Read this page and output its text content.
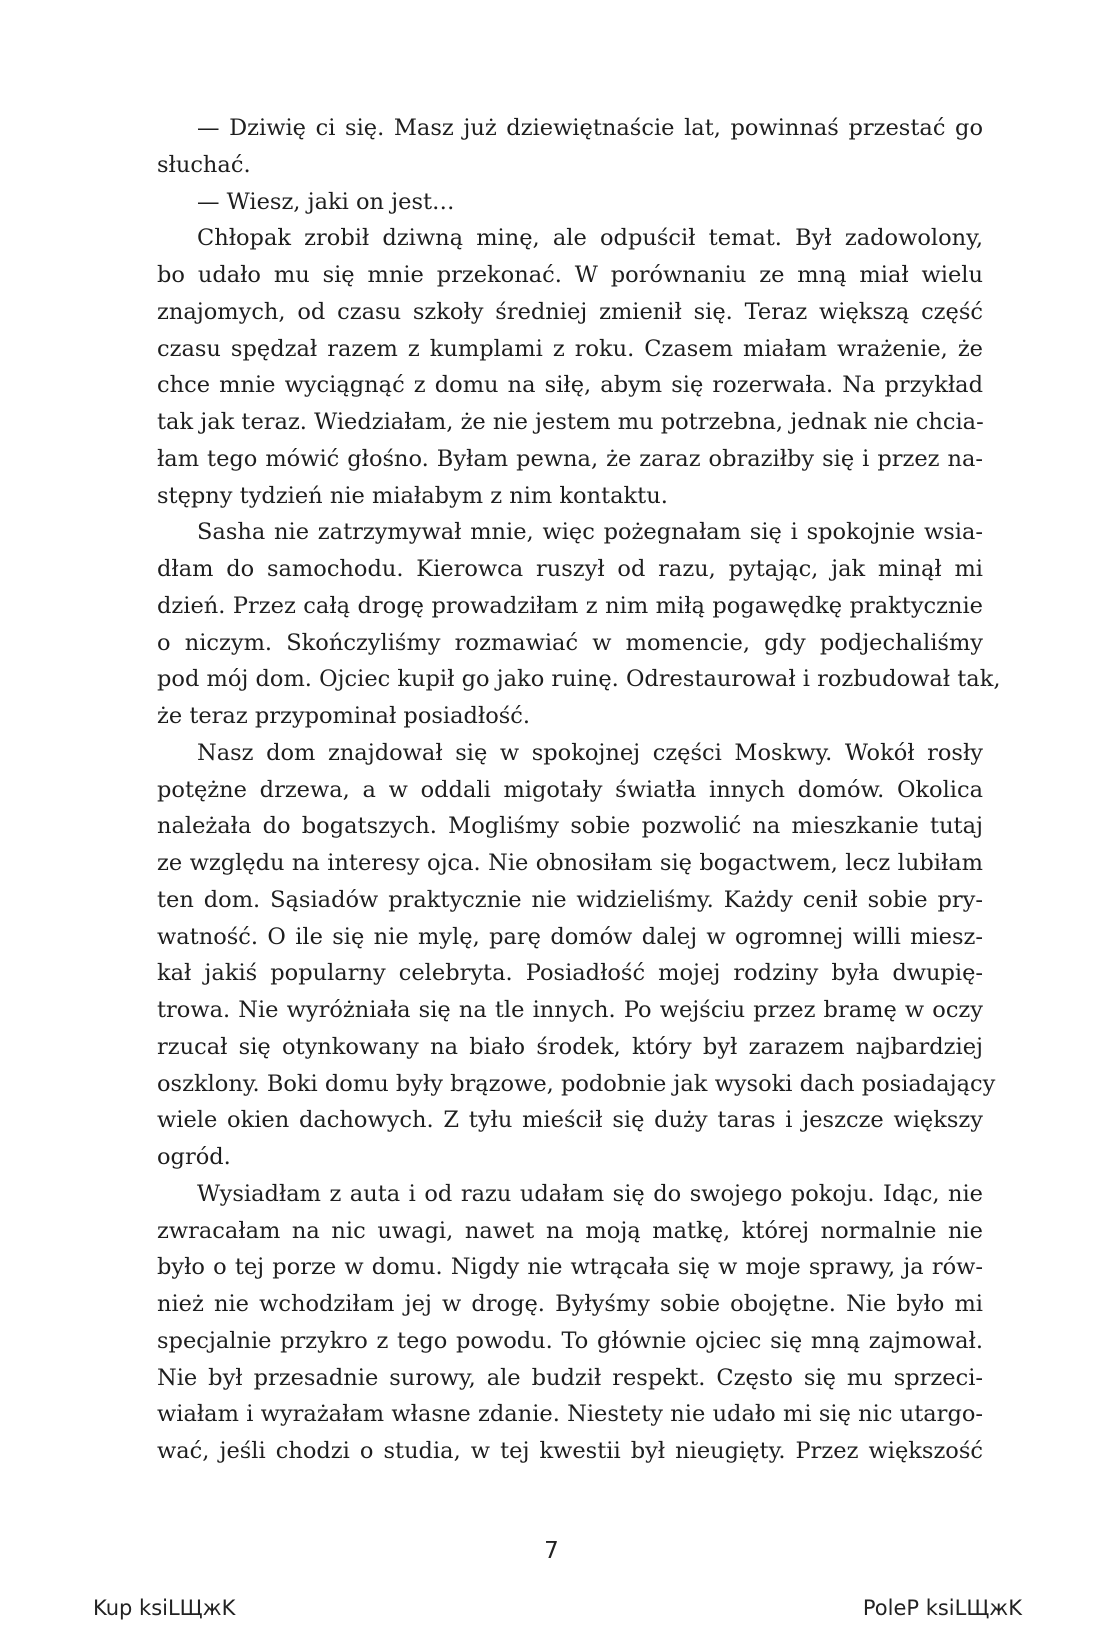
— Dziwię ci się. Masz już dziewiętnaście lat, powinnaś przestać go
słuchać.
— Wiesz, jaki on jest…
Chłopak zrobił dziwną minę, ale odpuścił temat. Był zadowolony,
bo udało mu się mnie przekonać. W porównaniu ze mną miał wielu
znajomych, od czasu szkoły średniej zmienił się. Teraz większą część
czasu spędzał razem z kumplami z roku. Czasem miałam wrażenie, że
chce mnie wyciągnąć z domu na siłę, abym się rozerwała. Na przykład
tak jak teraz. Wiedziałam, że nie jestem mu potrzebna, jednak nie chcia-
łam tego mówić głośno. Byłam pewna, że zaraz obraziłby się i przez na-
stępny tydzień nie miałabym z nim kontaktu.
Sasha nie zatrzymywał mnie, więc pożegnałam się i spokojnie wsia-
dłam do samochodu. Kierowca ruszył od razu, pytając, jak minął mi
dzień. Przez całą drogę prowadziłam z nim miłą pogawędkę praktycznie
o niczym. Skończyliśmy rozmawiać w momencie, gdy podjechaliśmy
pod mój dom. Ojciec kupił go jako ruinę. Odrestaurował i rozbudował tak,
że teraz przypominał posiadłość.
Nasz dom znajdował się w spokojnej części Moskwy. Wokół rosły
potężne drzewa, a w oddali migotały światła innych domów. Okolica
należała do bogatszych. Mogliśmy sobie pozwolić na mieszkanie tutaj
ze względu na interesy ojca. Nie obnosiłam się bogactwem, lecz lubiłam
ten dom. Sąsiadów praktycznie nie widzieliśmy. Każdy cenił sobie pry-
watność. O ile się nie mylę, parę domów dalej w ogromnej willi miesz-
kał jakiś popularny celebryta. Posiadłość mojej rodziny była dwupię-
trowa. Nie wyróżniała się na tle innych. Po wejściu przez bramę w oczy
rzucał się otynkowany na biało środek, który był zarazem najbardziej
oszklony. Boki domu były brązowe, podobnie jak wysoki dach posiadający
wiele okien dachowych. Z tyłu mieścił się duży taras i jeszcze większy
ogród.
Wysiadłam z auta i od razu udałam się do swojego pokoju. Idąc, nie
zwracałam na nic uwagi, nawet na moją matkę, której normalnie nie
było o tej porze w domu. Nigdy nie wtrącała się w moje sprawy, ja rów-
nież nie wchodziłam jej w drogę. Byłyśmy sobie obojętne. Nie było mi
specjalnie przykro z tego powodu. To głównie ojciec się mną zajmował.
Nie był przesadnie surowy, ale budził respekt. Często się mu sprzeci-
wiałam i wyrażałam własne zdanie. Niestety nie udało mi się nic utargo-
wać, jeśli chodzi o studia, w tej kwestii był nieugięty. Przez większość
7
Kup ksiLЩжK	PoleP ksiLЩжK
